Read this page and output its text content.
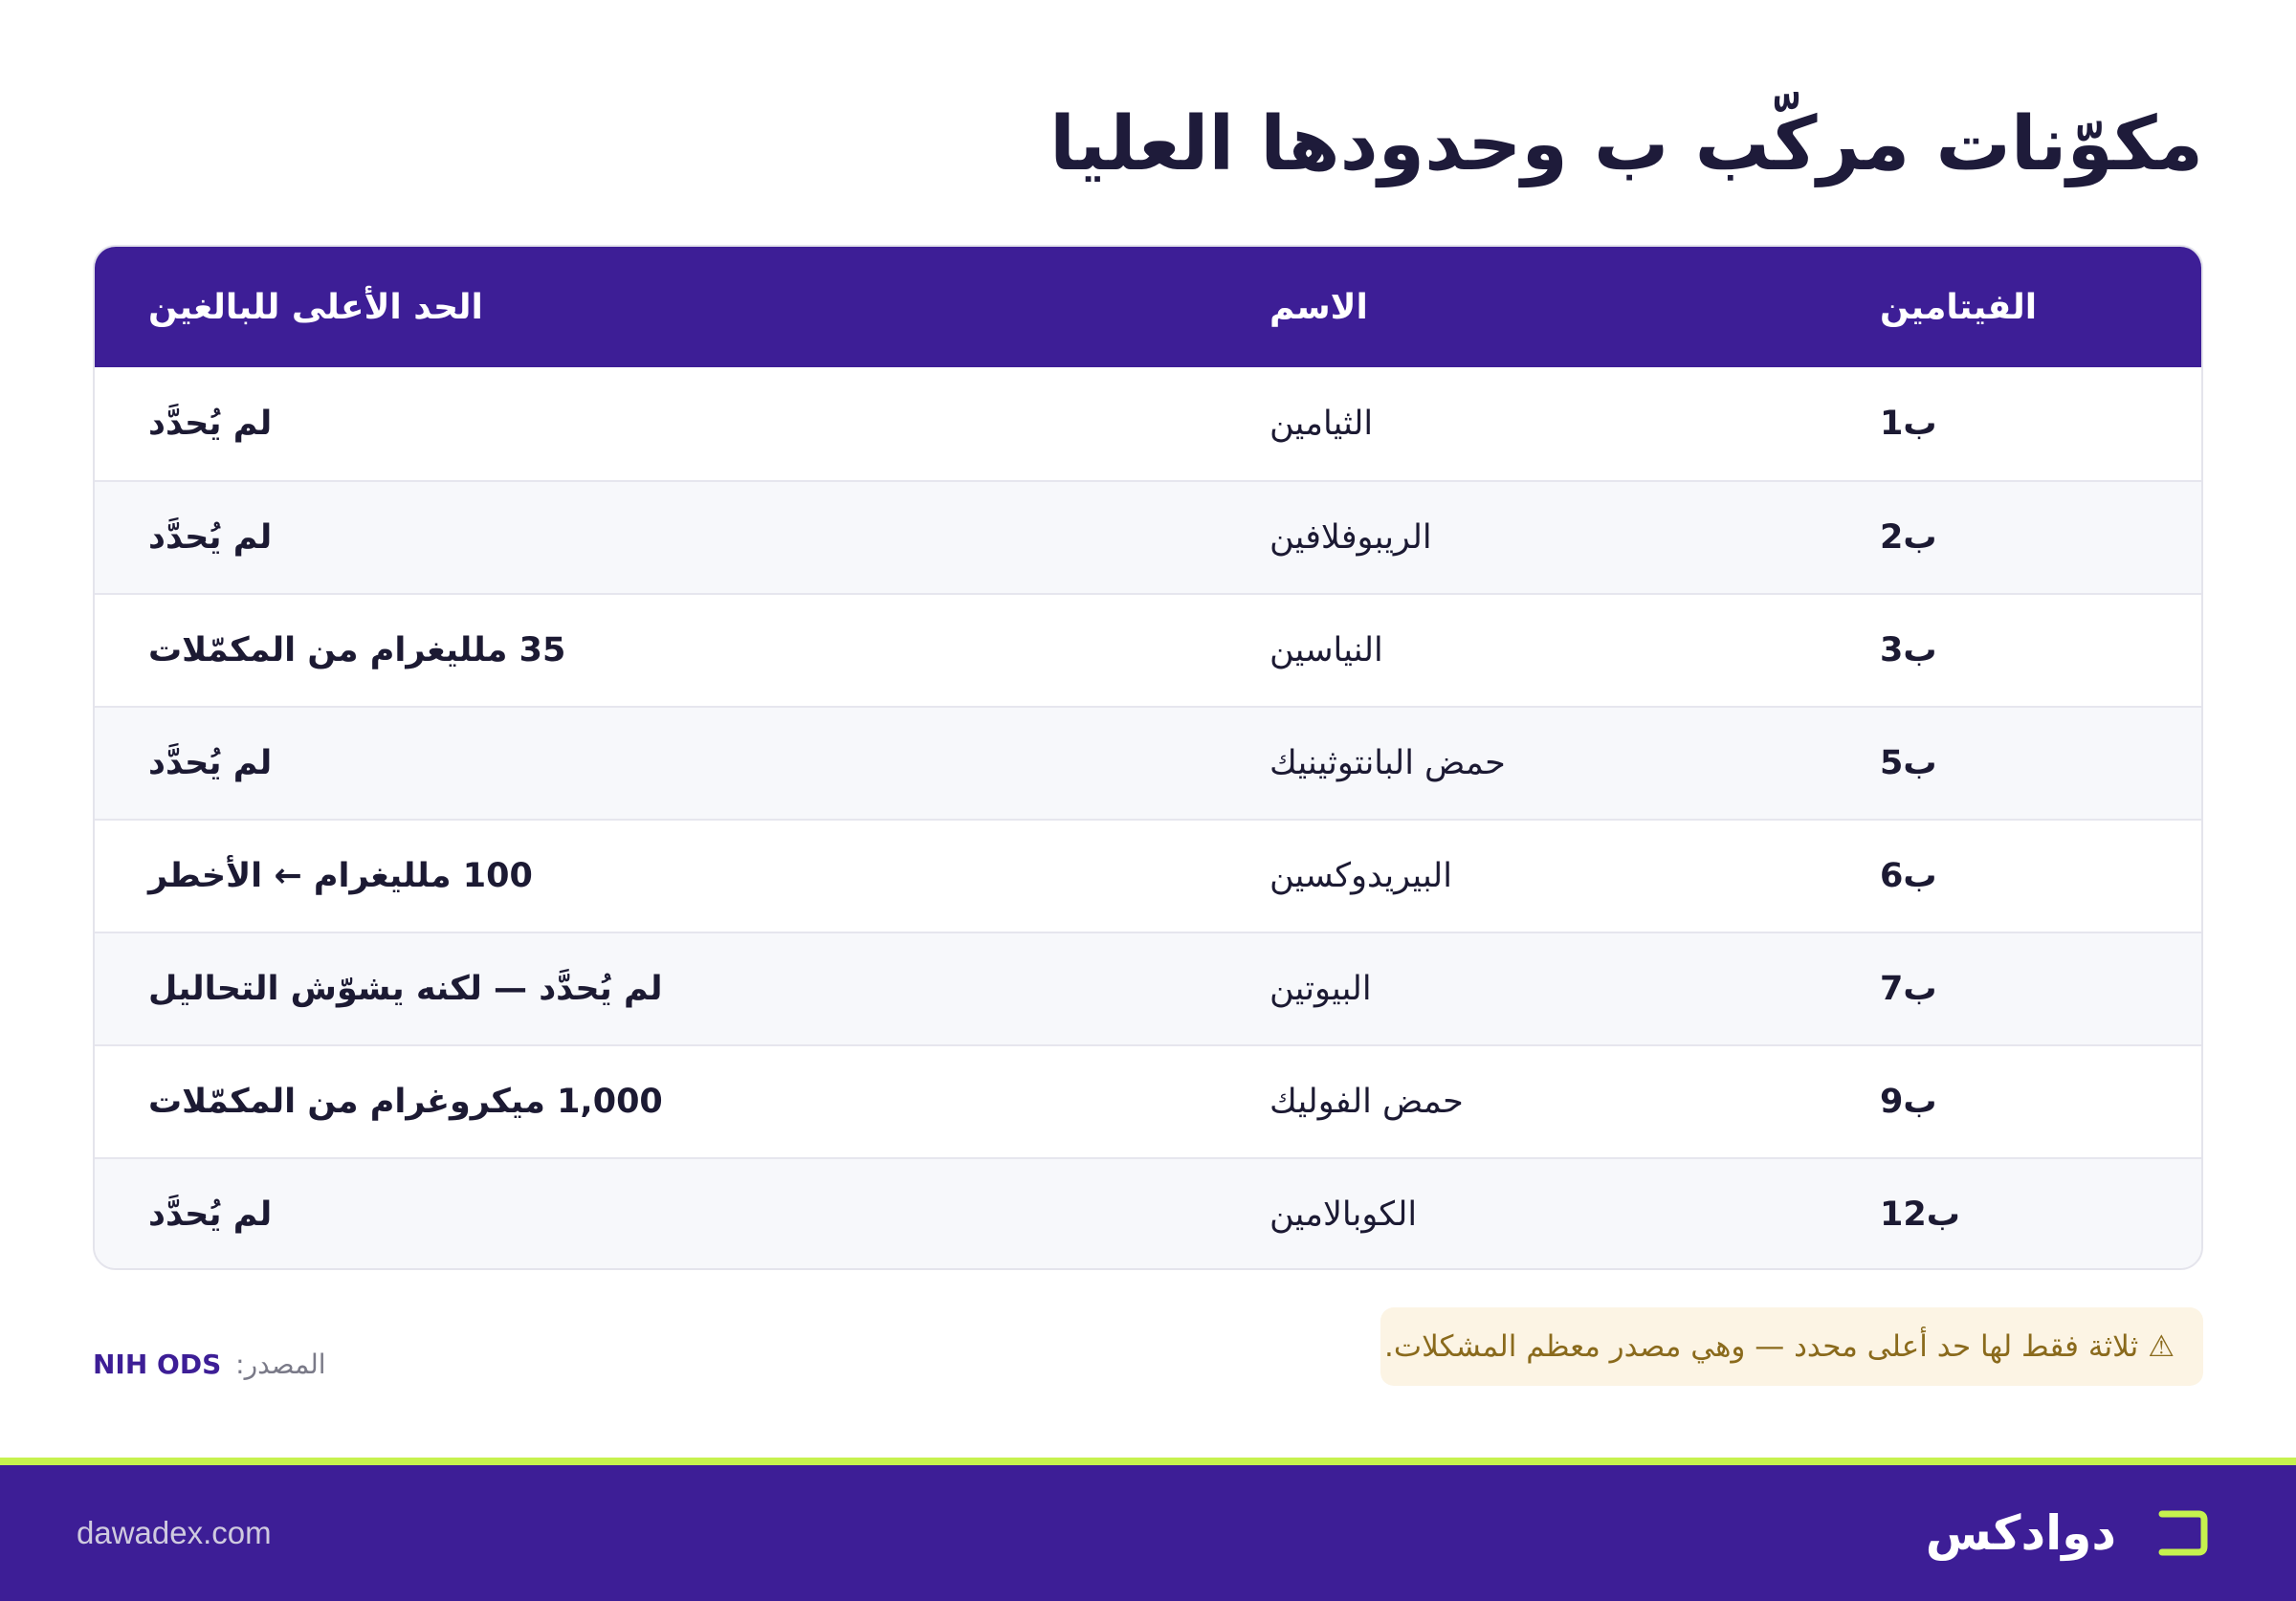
مكوّنات مركّب ب وحدودها العليا
الفيتامين
الاسم
الحد الأعلى للبالغين
ب1
الثيامين
لم يُحدَّد
ب2
الريبوفلافين
لم يُحدَّد
ب3
النياسين
35 ملليغرام من المكمّلات
ب5
حمض البانتوثينيك
لم يُحدَّد
ب6
البيريدوكسين
100 ملليغرام ← الأخطر
ب7
البيوتين
لم يُحدَّد — لكنه يشوّش التحاليل
ب9
حمض الفوليك
1,000 ميكروغرام من المكمّلات
ب12
الكوبالامين
لم يُحدَّد
⚠
ثلاثة فقط لها حد أعلى محدد — وهي مصدر معظم المشكلات.
المصدر: NIH ODS
dawadex.com	دوادكس
